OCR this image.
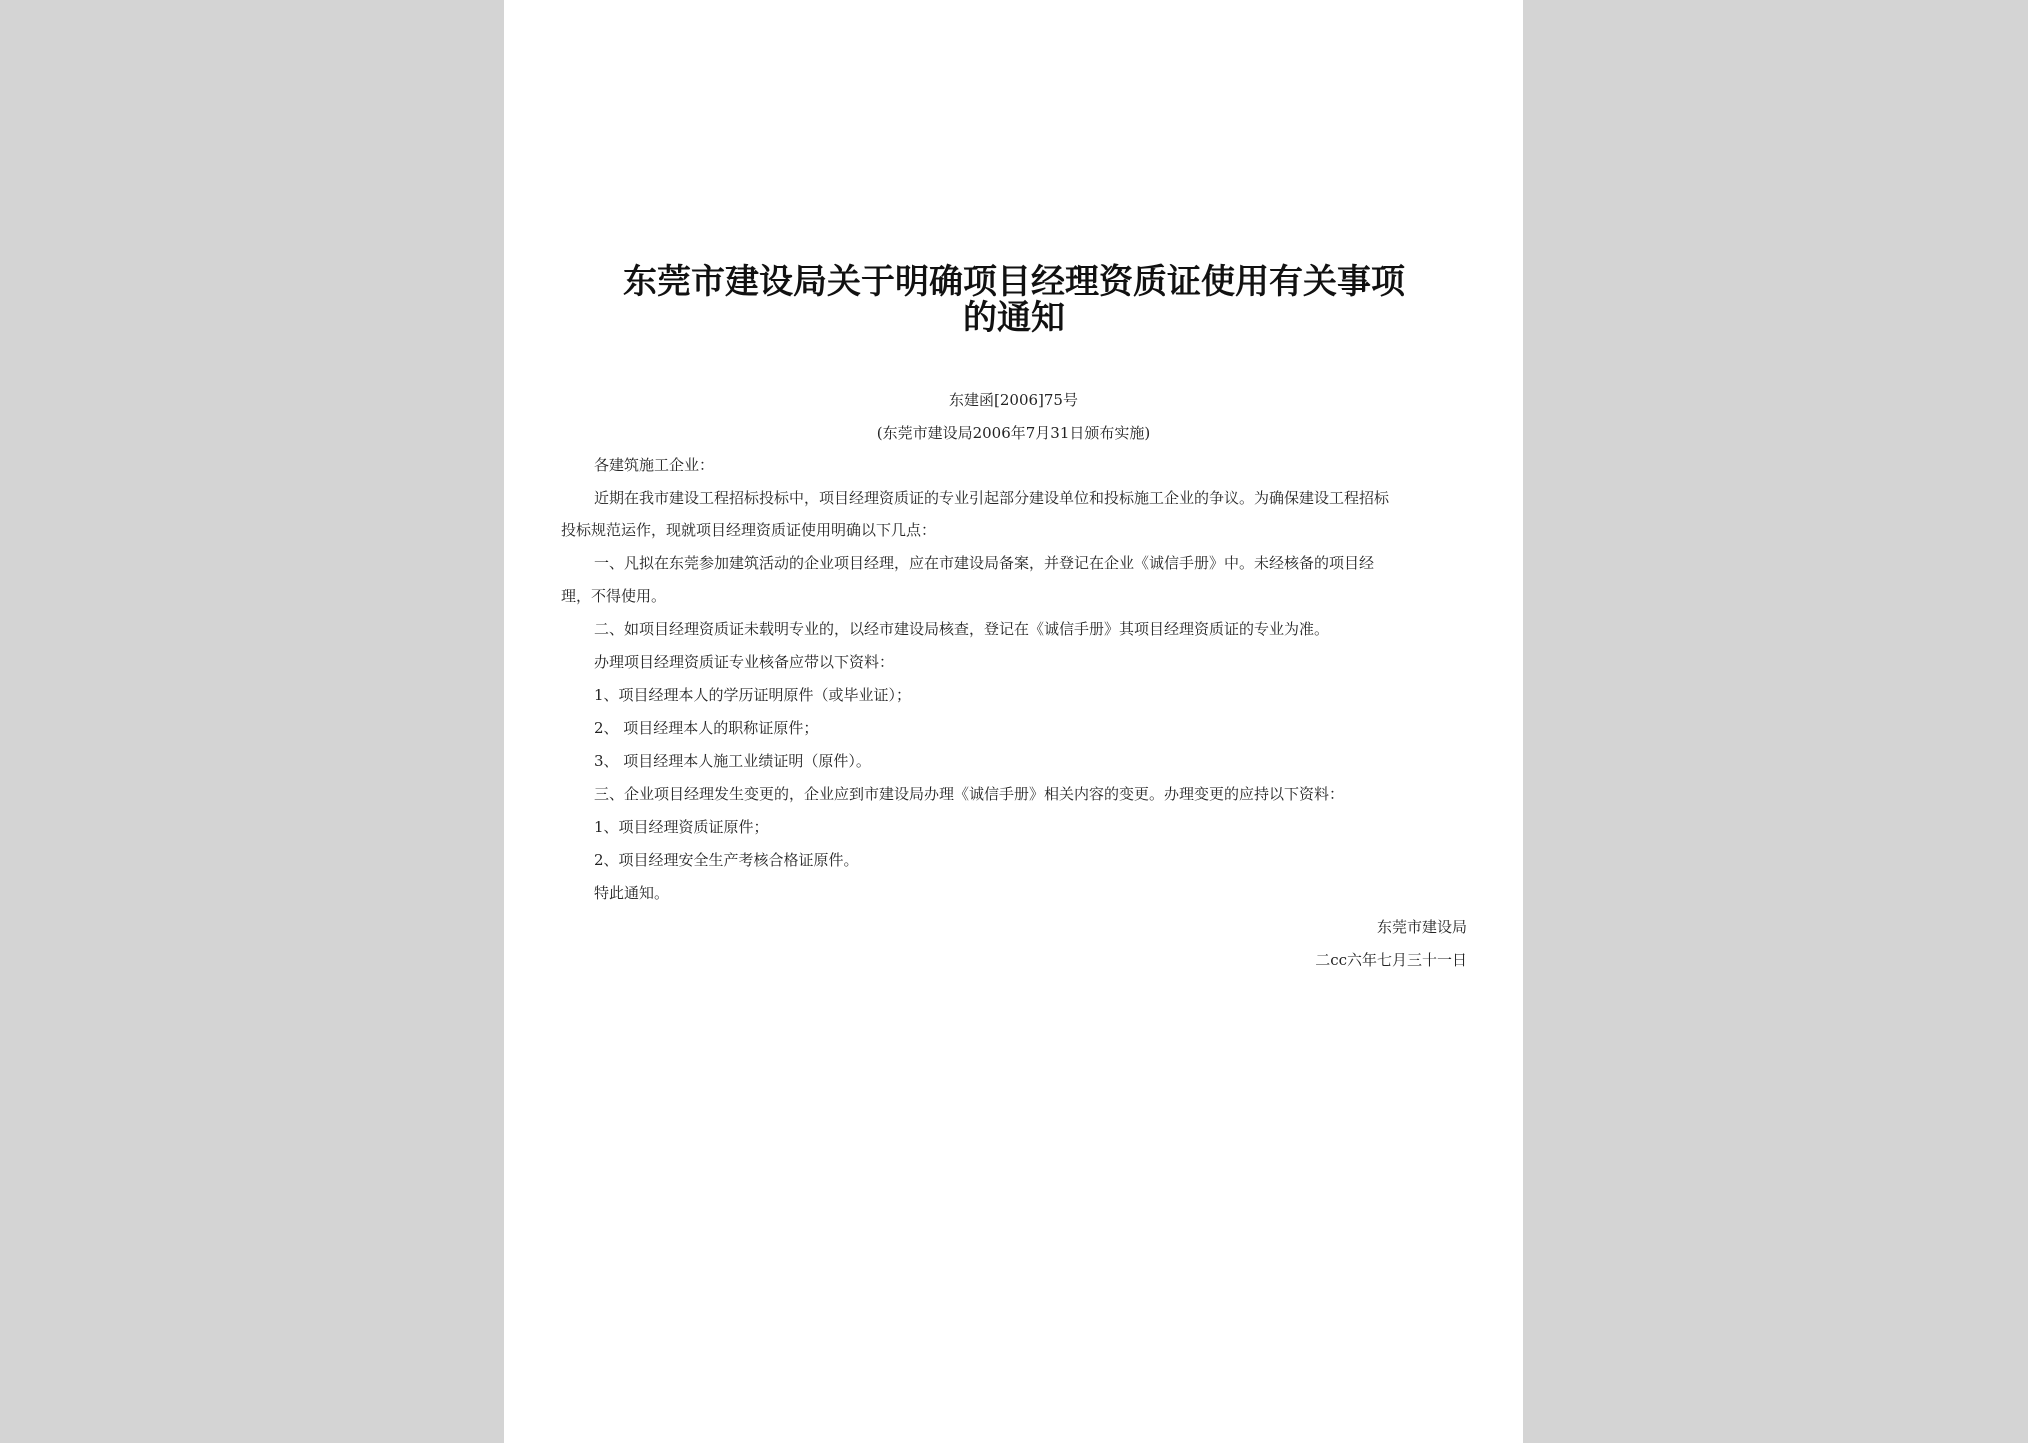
东莞市建设局关于明确项目经理资质证使用有关事项
的通知
东建函[2006]75号
(东莞市建设局2006年7月31日颁布实施)
各建筑施工企业：
近期在我市建设工程招标投标中，项目经理资质证的专业引起部分建设单位和投标施工企业的争议。为确保建设工程招标
投标规范运作，现就项目经理资质证使用明确以下几点：
一、凡拟在东莞参加建筑活动的企业项目经理，应在市建设局备案，并登记在企业《诚信手册》中。未经核备的项目经
理，不得使用。
二、如项目经理资质证未载明专业的，以经市建设局核查，登记在《诚信手册》其项目经理资质证的专业为准。
办理项目经理资质证专业核备应带以下资料：
1、项目经理本人的学历证明原件（或毕业证）；
2、 项目经理本人的职称证原件；
3、 项目经理本人施工业绩证明（原件）。
三、企业项目经理发生变更的，企业应到市建设局办理《诚信手册》相关内容的变更。办理变更的应持以下资料：
1、项目经理资质证原件；
2、项目经理安全生产考核合格证原件。
特此通知。
东莞市建设局
二cc六年七月三十一日
